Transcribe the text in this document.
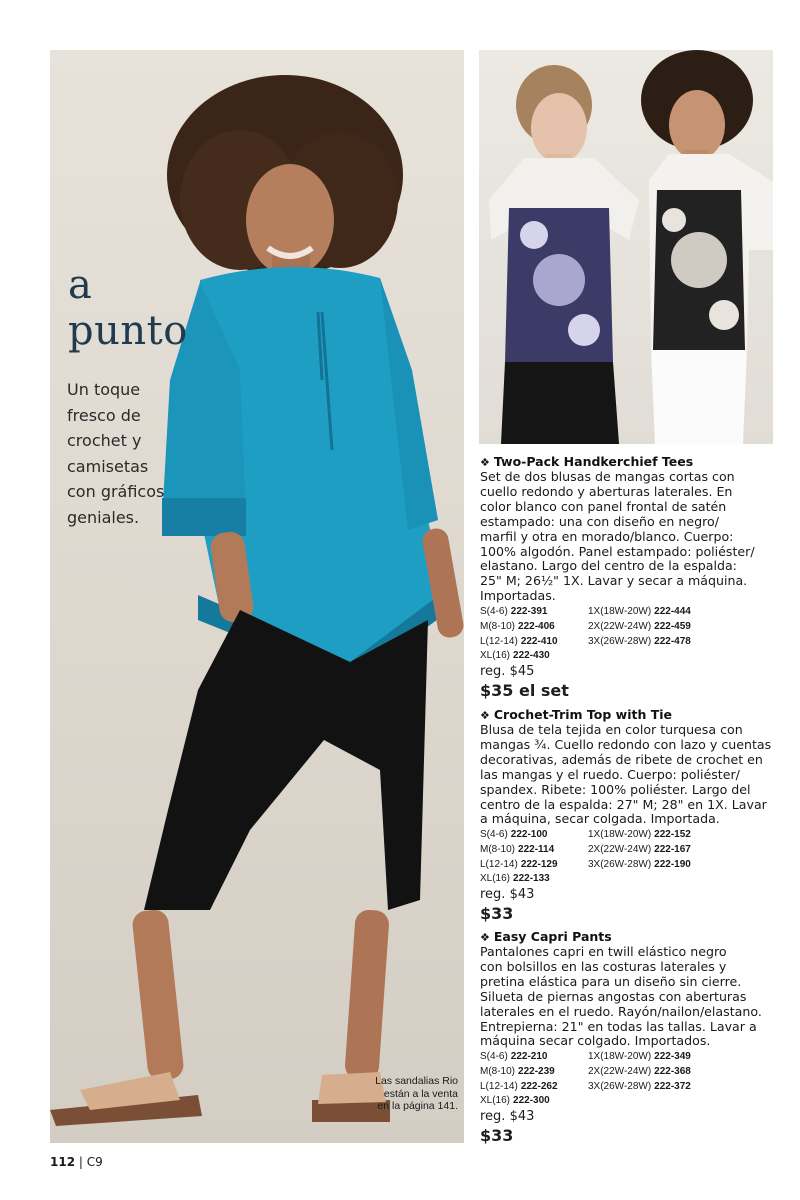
a
punto

Un toque
fresco de
crochet y
camisetas
con gráficos
geniales.

Las sandalias Rio
están a la venta
en la página 141.

❖ Two-Pack Handkerchief Tees

Set de dos blusas de mangas cortas con
cuello redondo y aberturas laterales. En
color blanco con panel frontal de satén
estampado: una con diseño en negro/
marfil y otra en morado/blanco. Cuerpo:
100% algodón. Panel estampado: poliéster/
elastano. Largo del centro de la espalda:
25" M; 26½" 1X. Lavar y secar a máquina.
Importadas.

S(4-6) 222-391	1X(18W-20W) 222-444
M(8-10) 222-406	2X(22W-24W) 222-459
L(12-14) 222-410	3X(26W-28W) 222-478
XL(16) 222-430
reg. $45
$35 el set

❖ Crochet-Trim Top with Tie

Blusa de tela tejida en color turquesa con
mangas ¾. Cuello redondo con lazo y cuentas
decorativas, además de ribete de crochet en
las mangas y el ruedo. Cuerpo: poliéster/
spandex. Ribete: 100% poliéster. Largo del
centro de la espalda: 27" M; 28" en 1X. Lavar
a máquina, secar colgada. Importada.

S(4-6) 222-100	1X(18W-20W) 222-152
M(8-10) 222-114	2X(22W-24W) 222-167
L(12-14) 222-129	3X(26W-28W) 222-190
XL(16) 222-133
reg. $43
$33

❖ Easy Capri Pants

Pantalones capri en twill elástico negro
con bolsillos en las costuras laterales y
pretina elástica para un diseño sin cierre.
Silueta de piernas angostas con aberturas
laterales en el ruedo. Rayón/nailon/elastano.
Entrepierna: 21" en todas las tallas. Lavar a
máquina secar colgado. Importados.

S(4-6) 222-210	1X(18W-20W) 222-349
M(8-10) 222-239	2X(22W-24W) 222-368
L(12-14) 222-262	3X(26W-28W) 222-372
XL(16) 222-300
reg. $43
$33
112 | C9
